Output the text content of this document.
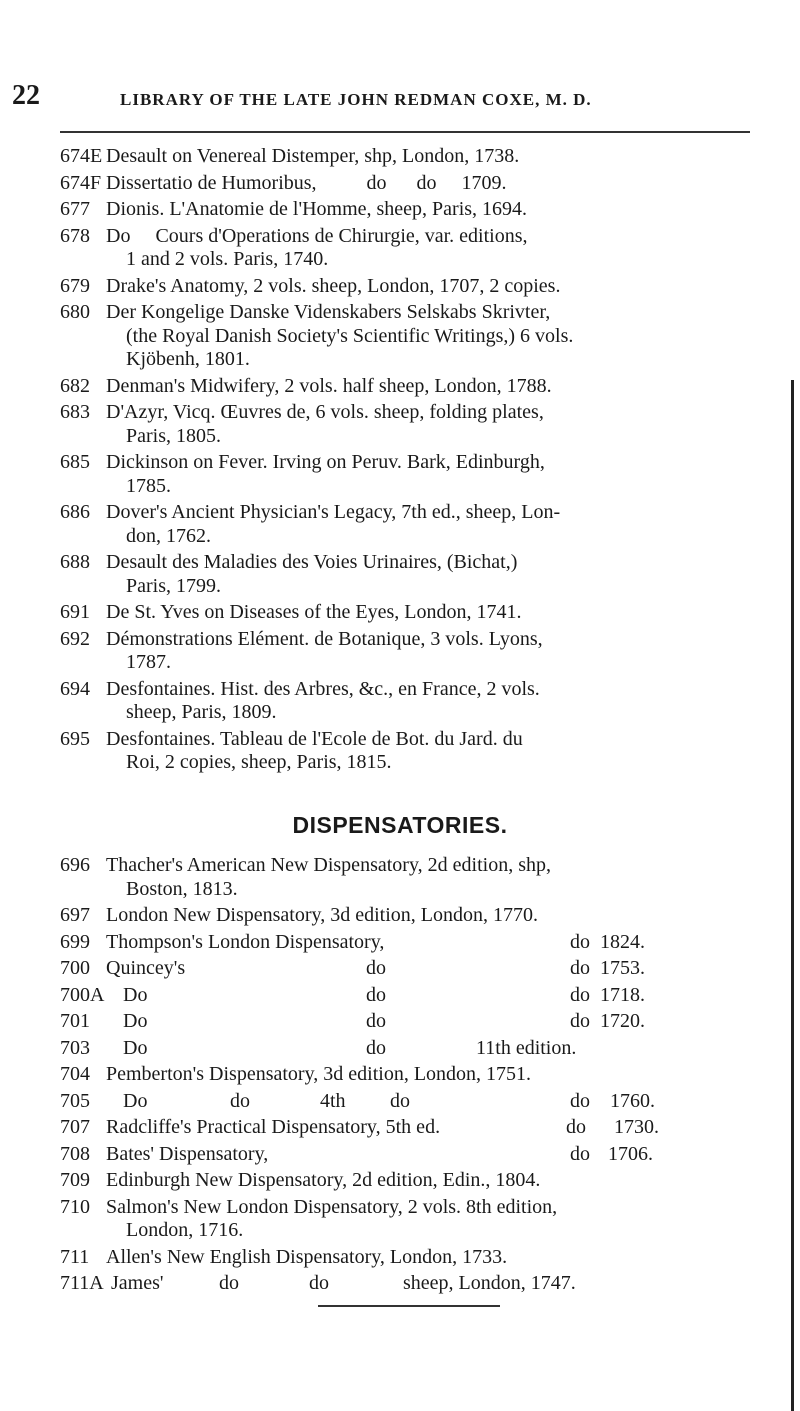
22	LIBRARY OF THE LATE JOHN REDMAN COXE, M. D.
674E Desault on Venereal Distemper, shp, London, 1738.
674F Dissertatio de Humoribus,          do      do     1709.
677 Dionis. L'Anatomie de l'Homme, sheep, Paris, 1694.
678 Do     Cours d'Operations de Chirurgie, var. editions,
1 and 2 vols. Paris, 1740.
679 Drake's Anatomy, 2 vols. sheep, London, 1707, 2 copies.
680 Der Kongelige Danske Videnskabers Selskabs Skrivter,
(the Royal Danish Society's Scientific Writings,) 6 vols.
Kjöbenh, 1801.
682 Denman's Midwifery, 2 vols. half sheep, London, 1788.
683 D'Azyr, Vicq. Œuvres de, 6 vols. sheep, folding plates,
Paris, 1805.
685 Dickinson on Fever. Irving on Peruv. Bark, Edinburgh,
1785.
686 Dover's Ancient Physician's Legacy, 7th ed., sheep, Lon-
don, 1762.
688 Desault des Maladies des Voies Urinaires, (Bichat,)
Paris, 1799.
691 De St. Yves on Diseases of the Eyes, London, 1741.
692 Démonstrations Elément. de Botanique, 3 vols. Lyons,
1787.
694 Desfontaines. Hist. des Arbres, &c., en France, 2 vols.
sheep, Paris, 1809.
695 Desfontaines. Tableau de l'Ecole de Bot. du Jard. du
Roi, 2 copies, sheep, Paris, 1815.
DISPENSATORIES.
696 Thacher's American New Dispensatory, 2d edition, shp,
Boston, 1813.
697 London New Dispensatory, 3d edition, London, 1770.
699 Thompson's London Dispensatory,	do 1824.
700 Quincey's	do	do 1753.
700A Do	do	do 1718.
701	Do	do	do 1720.
703	Do	do	11th edition.
704 Pemberton's Dispensatory, 3d edition, London, 1751.
705	Do	do	4th	do	do	1760.
707 Radcliffe's Practical Dispensatory, 5th ed.	do	1730.
708 Bates' Dispensatory,	do 1706.
709 Edinburgh New Dispensatory, 2d edition, Edin., 1804.
710 Salmon's New London Dispensatory, 2 vols. 8th edition,
London, 1716.
711 Allen's New English Dispensatory, London, 1733.
711A James'	do	do	sheep, London, 1747.
